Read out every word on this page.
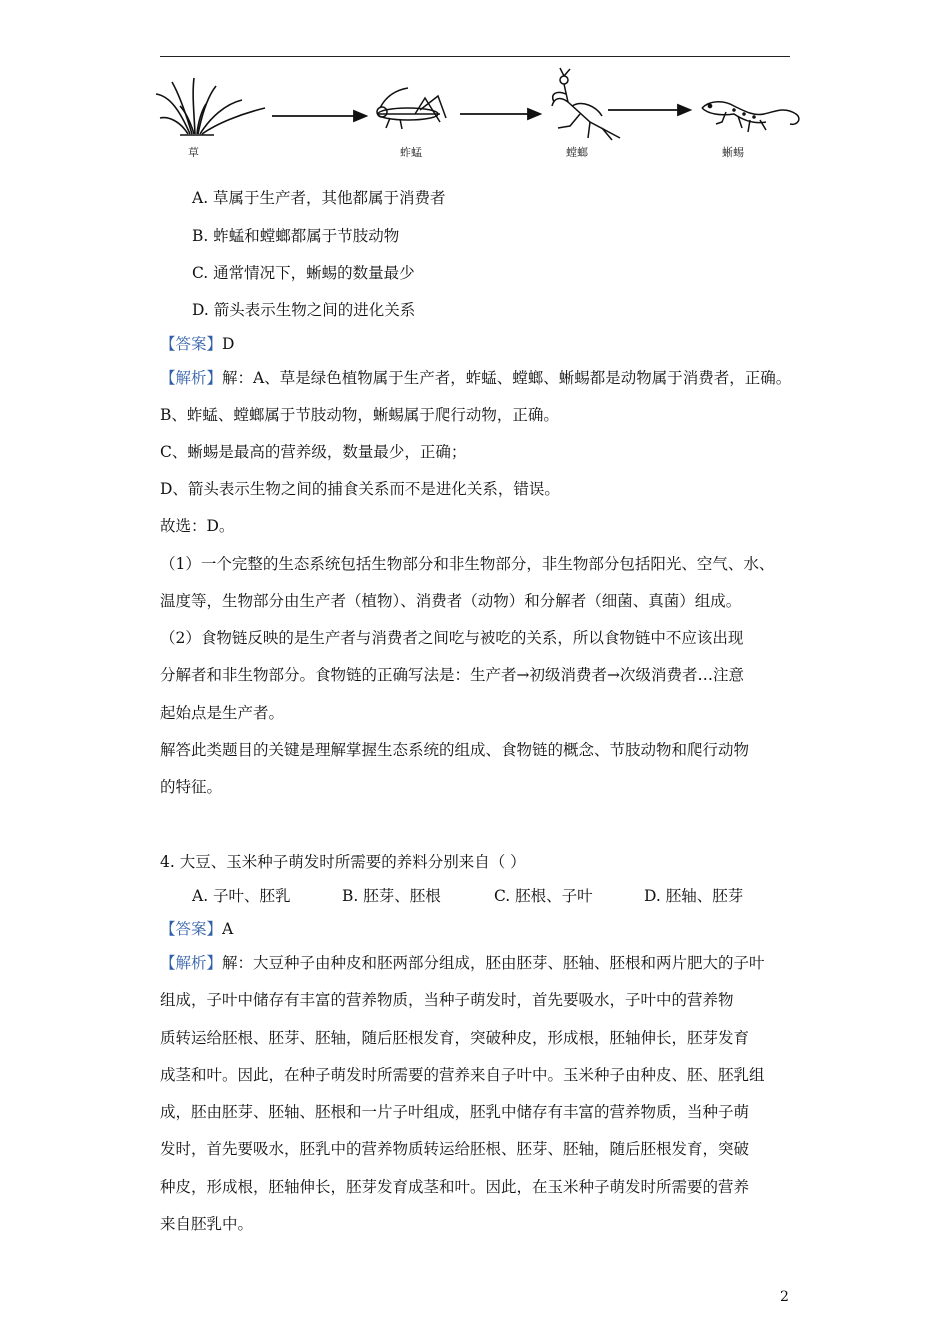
草	蚱蜢	螳螂	蜥蜴
A. 草属于生产者，其他都属于消费者
B. 蚱蜢和螳螂都属于节肢动物
C. 通常情况下，蜥蜴的数量最少
D. 箭头表示生物之间的进化关系
【答案】D
【解析】解：A、草是绿色植物属于生产者，蚱蜢、螳螂、蜥蜴都是动物属于消费者，正确。
B、蚱蜢、螳螂属于节肢动物，蜥蜴属于爬行动物，正确。
C、蜥蜴是最高的营养级，数量最少，正确；
D、箭头表示生物之间的捕食关系而不是进化关系，错误。
故选：D。
（1）一个完整的生态系统包括生物部分和非生物部分，非生物部分包括阳光、空气、水、
温度等，生物部分由生产者（植物）、消费者（动物）和分解者（细菌、真菌）组成。
（2）食物链反映的是生产者与消费者之间吃与被吃的关系，所以食物链中不应该出现
分解者和非生物部分。食物链的正确写法是：生产者→初级消费者→次级消费者…注意
起始点是生产者。
解答此类题目的关键是理解掌握生态系统的组成、食物链的概念、节肢动物和爬行动物
的特征。
4. 大豆、玉米种子萌发时所需要的养料分别来自（ ）
A. 子叶、胚乳	B. 胚芽、胚根	C. 胚根、子叶	D. 胚轴、胚芽
【答案】A
【解析】解：大豆种子由种皮和胚两部分组成，胚由胚芽、胚轴、胚根和两片肥大的子叶
组成，子叶中储存有丰富的营养物质，当种子萌发时，首先要吸水，子叶中的营养物
质转运给胚根、胚芽、胚轴，随后胚根发育，突破种皮，形成根，胚轴伸长，胚芽发育
成茎和叶。因此，在种子萌发时所需要的营养来自子叶中。玉米种子由种皮、胚、胚乳组
成，胚由胚芽、胚轴、胚根和一片子叶组成，胚乳中储存有丰富的营养物质，当种子萌
发时，首先要吸水，胚乳中的营养物质转运给胚根、胚芽、胚轴，随后胚根发育，突破
种皮，形成根，胚轴伸长，胚芽发育成茎和叶。因此，在玉米种子萌发时所需要的营养
来自胚乳中。
2
